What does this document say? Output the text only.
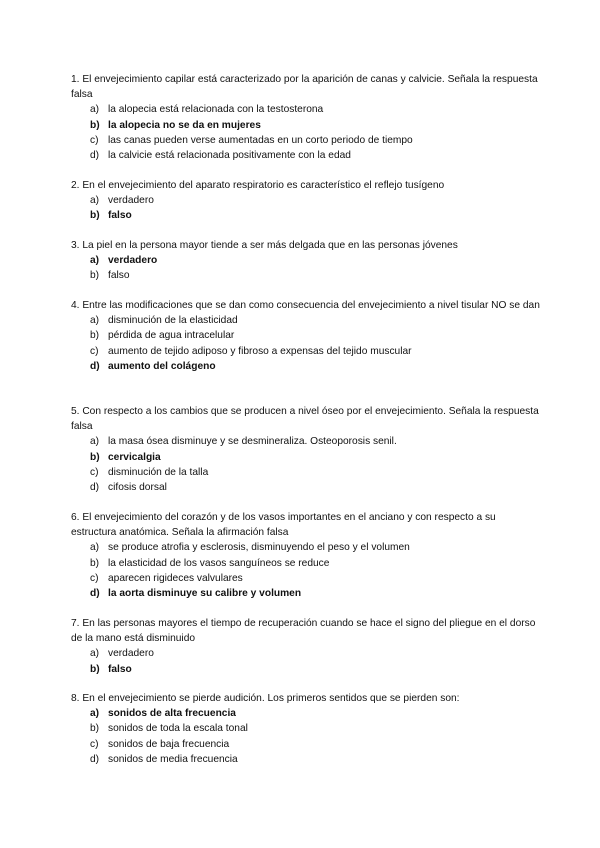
1. El envejecimiento capilar está caracterizado por la aparición de canas y calvicie. Señala la respuesta falsa

a) la alopecia está relacionada con la testosterona
b) la alopecia no se da en mujeres
c) las canas pueden verse aumentadas en un corto periodo de tiempo
d) la calvicie está relacionada positivamente con la edad

2. En el envejecimiento del aparato respiratorio es característico el reflejo tusígeno

a) verdadero
b) falso

3. La piel en la persona mayor tiende a ser más delgada que en las personas jóvenes

a) verdadero
b) falso

4. Entre las modificaciones que se dan como consecuencia del envejecimiento a nivel tisular NO se dan

a) disminución de la elasticidad
b) pérdida de agua intracelular
c) aumento de tejido adiposo y fibroso a expensas del tejido muscular
d) aumento del colágeno

5. Con respecto a los cambios que se producen a nivel óseo por el envejecimiento. Señala la respuesta falsa

a) la masa ósea disminuye y se desmineraliza. Osteoporosis senil.
b) cervicalgia
c) disminución de la talla
d) cifosis dorsal

6. El envejecimiento del corazón y de los vasos importantes en el anciano y con respecto a su estructura anatómica. Señala la afirmación falsa

a) se produce atrofia y esclerosis, disminuyendo el peso y el volumen
b) la elasticidad de los vasos sanguíneos se reduce
c) aparecen rigideces valvulares
d) la aorta disminuye su calibre y volumen

7. En las personas mayores el tiempo de recuperación cuando se hace el signo del pliegue en el dorso de la mano está disminuido

a) verdadero
b) falso

8. En el envejecimiento se pierde audición. Los primeros sentidos que se pierden son:

a) sonidos de alta frecuencia
b) sonidos de toda la escala tonal
c) sonidos de baja frecuencia
d) sonidos de media frecuencia
